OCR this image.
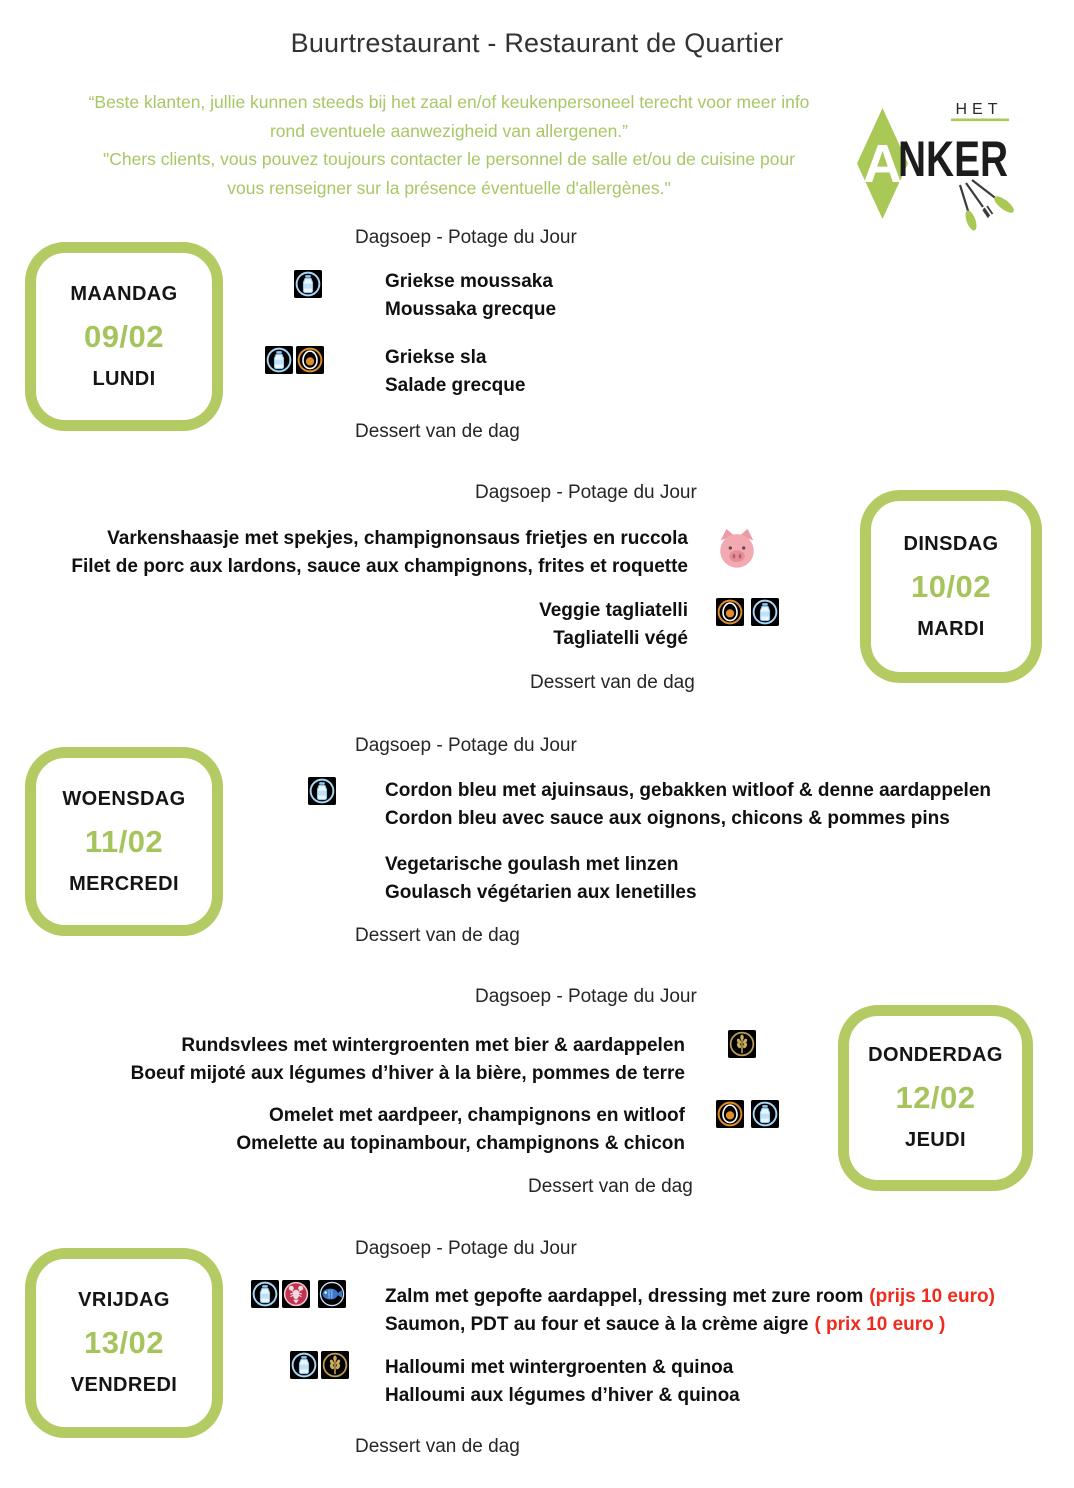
Buurtrestaurant - Restaurant de Quartier
“Beste klanten, jullie kunnen steeds bij het zaal en/of keukenpersoneel terecht voor meer info
rond eventuele aanwezigheid van allergenen.”
"Chers clients, vous pouvez toujours contacter le personnel de salle et/ou de cuisine pour
vous renseigner sur la présence éventuelle d'allergènes."	A
HET
NKER
Dagsoep - Potage du Jour
MAANDAG
09/02
LUNDI
Griekse moussaka
Moussaka grecque
Griekse sla
Salade grecque
Dessert van de dag
Dagsoep - Potage du Jour
DINSDAG
10/02
MARDI
Varkenshaasje met spekjes, champignonsaus frietjes en ruccola
Filet de porc aux lardons, sauce aux champignons, frites et roquette
Veggie tagliatelli
Tagliatelli végé
Dessert van de dag
Dagsoep - Potage du Jour
WOENSDAG
11/02
MERCREDI
Cordon bleu met ajuinsaus, gebakken witloof & denne aardappelen
Cordon bleu avec sauce aux oignons, chicons & pommes pins
Vegetarische goulash met linzen
Goulasch végétarien aux lenetilles
Dessert van de dag
Dagsoep - Potage du Jour
DONDERDAG
12/02
JEUDI
Rundsvlees met wintergroenten met bier & aardappelen
Boeuf mijoté aux légumes d’hiver à la bière, pommes de terre
Omelet met aardpeer, champignons en witloof
Omelette au topinambour, champignons & chicon
Dessert van de dag
Dagsoep - Potage du Jour
VRIJDAG
13/02
VENDREDI
Zalm met gepofte aardappel, dressing met zure room (prijs 10 euro)
Saumon, PDT au four et sauce à la crème aigre ( prix 10 euro )
Halloumi met wintergroenten & quinoa
Halloumi aux légumes d’hiver & quinoa
Dessert van de dag
